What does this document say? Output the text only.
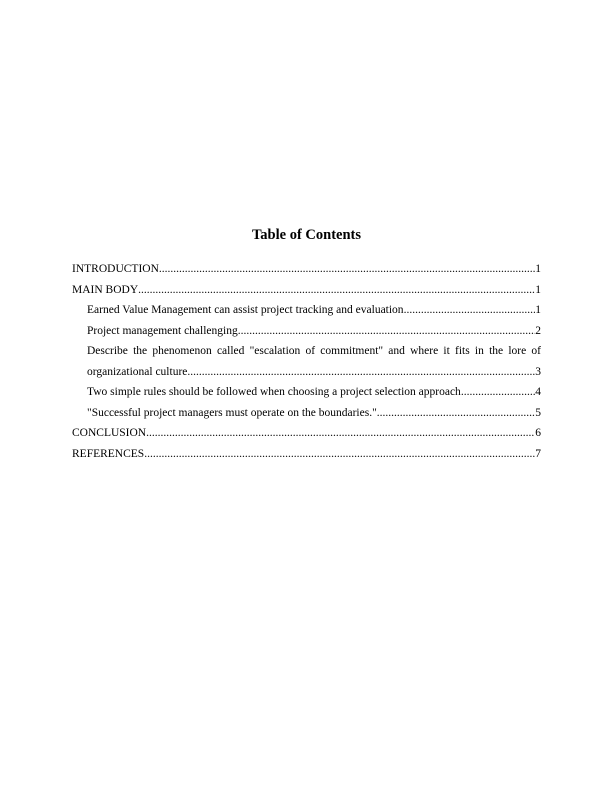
Table of Contents
INTRODUCTION .....	1
MAIN BODY .....	1
Earned Value Management can assist project tracking and evaluation .....	1
Project management challenging .....	2
Describe the phenomenon called "escalation of commitment" and where it fits in the lore of
organizational culture. .....	3
Two simple rules should be followed when choosing a project selection approach .....	4
"Successful project managers must operate on the boundaries." .....	5
CONCLUSION .....	6
REFERENCES .....	7
